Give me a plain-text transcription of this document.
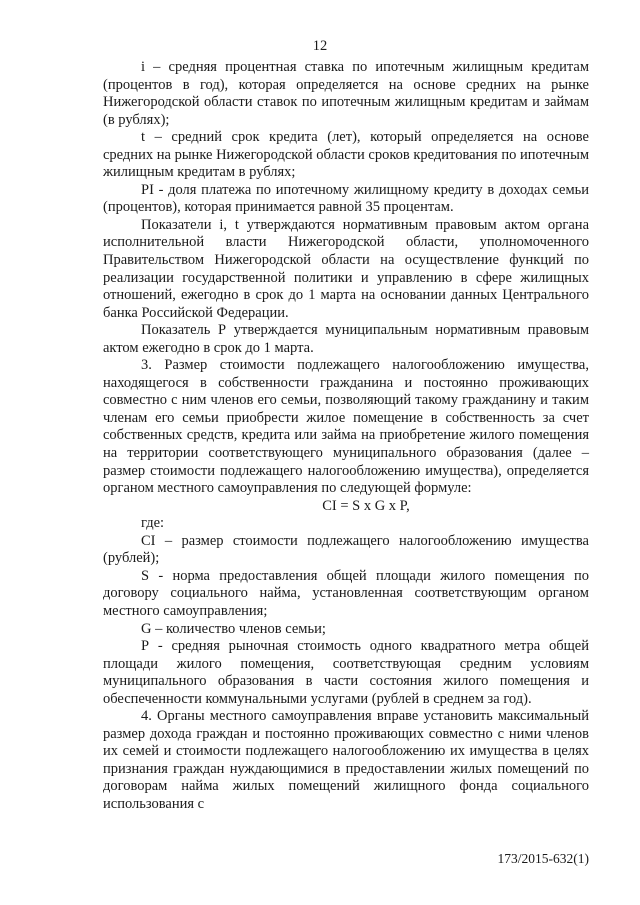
12

i – средняя процентная ставка по ипотечным жилищным кредитам (процентов в год), которая определяется на основе средних на рынке Нижегородской области ставок по ипотечным жилищным кредитам и займам (в рублях);

t – средний срок кредита (лет), который определяется на основе средних на рынке Нижегородской области сроков кредитования по ипотечным жилищным кредитам в рублях;

PI - доля платежа по ипотечному жилищному кредиту в доходах семьи (процентов), которая принимается равной 35 процентам.

Показатели i, t утверждаются нормативным правовым актом органа исполнительной власти Нижегородской области, уполномоченного Правительством Нижегородской области на осуществление функций по реализации государственной политики и управлению в сфере жилищных отношений, ежегодно в срок до 1 марта на основании данных Центрального банка Российской Федерации.

Показатель Р утверждается муниципальным нормативным правовым актом ежегодно в срок до 1 марта.

3. Размер стоимости подлежащего налогообложению имущества, находящегося в собственности гражданина и постоянно проживающих совместно с ним членов его семьи, позволяющий такому гражданину и таким членам его семьи приобрести жилое помещение в собственность за счет собственных средств, кредита или займа на приобретение жилого помещения на территории соответствующего муниципального образования (далее – размер стоимости подлежащего налогообложению имущества), определяется органом местного самоуправления по следующей формуле:

CI = S x G x P,

где:

CI – размер стоимости подлежащего налогообложению имущества (рублей);

S - норма предоставления общей площади жилого помещения по договору социального найма, установленная соответствующим органом местного самоуправления;

G – количество членов семьи;

Р - средняя рыночная стоимость одного квадратного метра общей площади жилого помещения, соответствующая средним условиям муниципального образования в части состояния жилого помещения и обеспеченности коммунальными услугами (рублей в среднем за год).

4. Органы местного самоуправления вправе установить максимальный размер дохода граждан и постоянно проживающих совместно с ними членов их семей и стоимости подлежащего налогообложению их имущества в целях признания граждан нуждающимися в предоставлении жилых помещений по договорам найма жилых помещений жилищного фонда социального использования с

173/2015-632(1)
